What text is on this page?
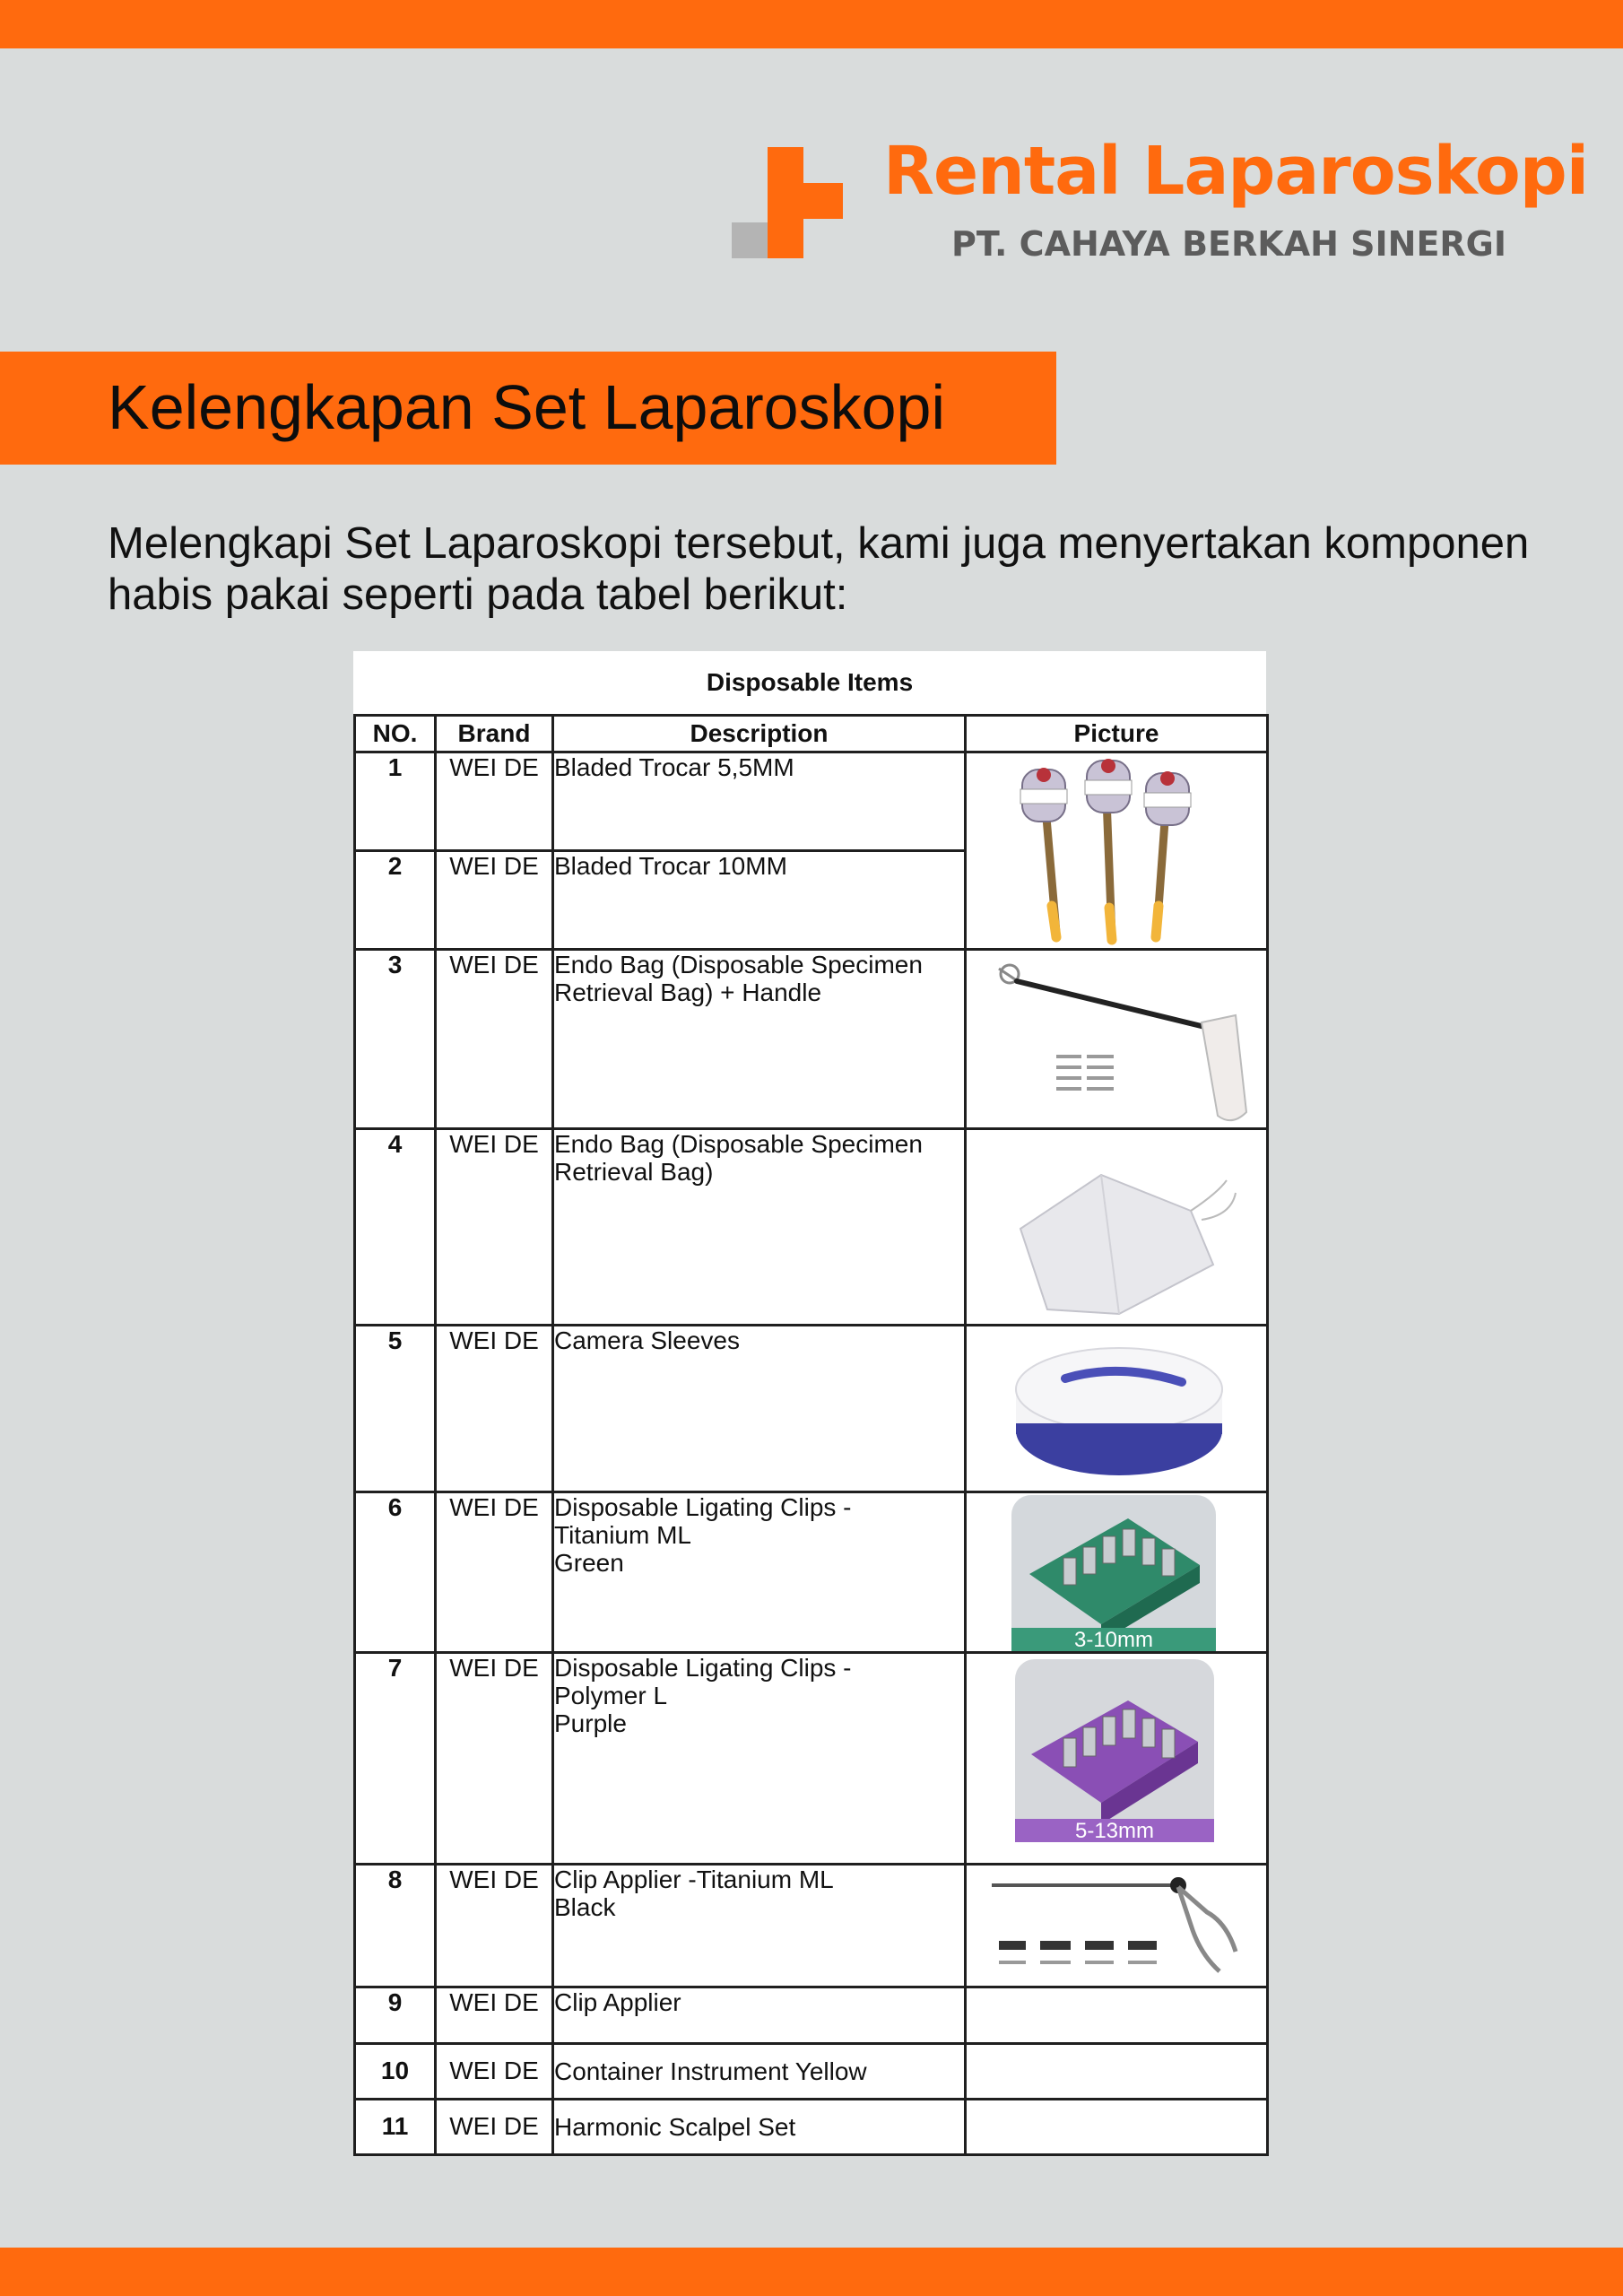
Rental Laparoskopi
PT. CAHAYA BERKAH SINERGI
Kelengkapan Set Laparoskopi
Melengkapi Set Laparoskopi tersebut, kami juga menyertakan komponen
habis pakai seperti pada tabel berikut:
Disposable Items
NO.	Brand	Description	Picture
1	WEI DE	Bladed Trocar 5,5MM

2	WEI DE	Bladed Trocar 10MM	

3	WEI DE	Endo Bag (Disposable Specimen
Retrieval Bag) + Handle

4	WEI DE	Endo Bag (Disposable Specimen
Retrieval Bag)

5	WEI DE	Camera Sleeves

6	WEI DE	Disposable Ligating Clips -
Titanium ML
Green	3-10mm

7	WEI DE	Disposable Ligating Clips -
Polymer L
Purple	5-13mm

8	WEI DE	Clip Applier -Titanium ML
Black

9	WEI DE	Clip Applier	

10	WEI DE	Container Instrument Yellow	

11	WEI DE	Harmonic Scalpel Set	
